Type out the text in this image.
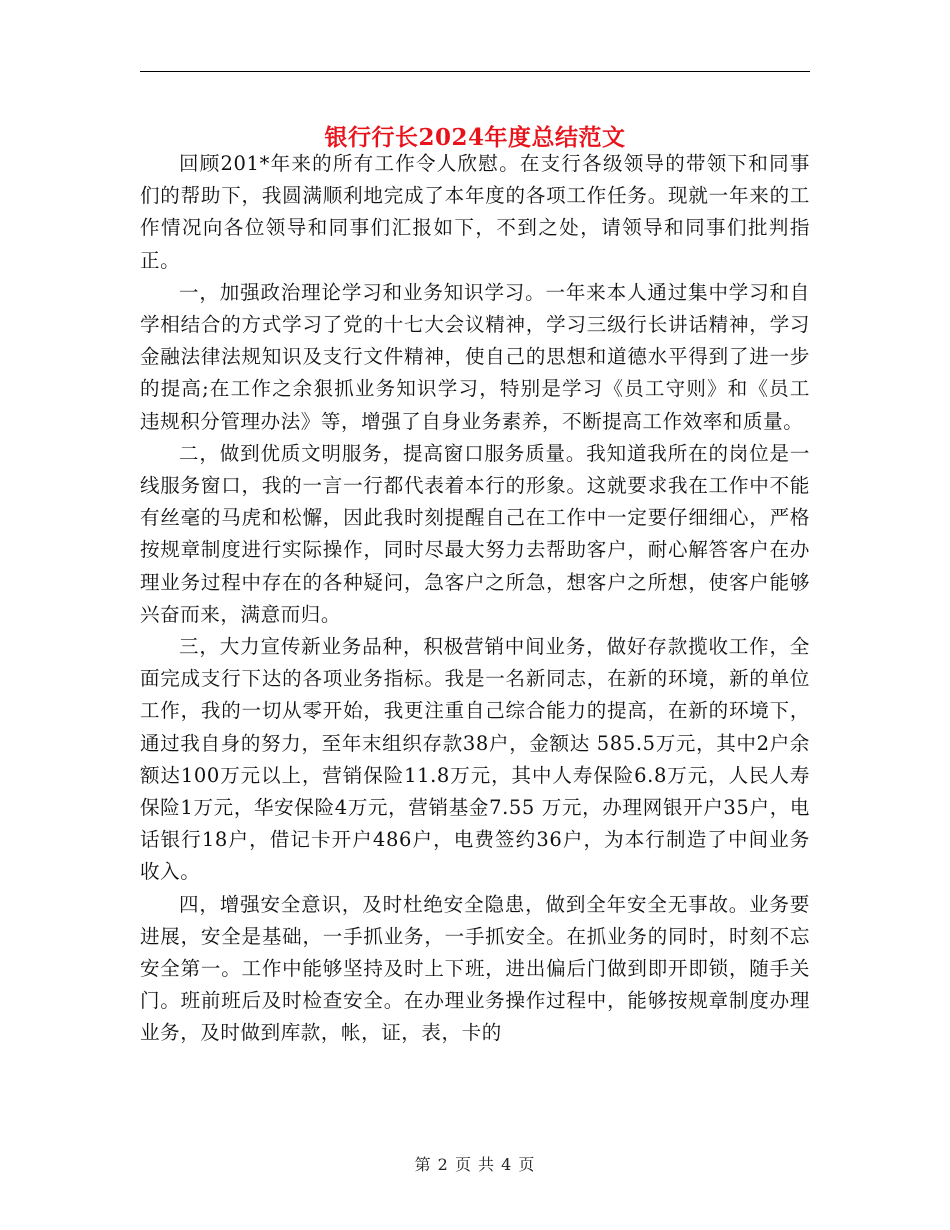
银行行长2024年度总结范文

回顾201*年来的所有工作令人欣慰。在支行各级领导的带领下和同事们的帮助下，我圆满顺利地完成了本年度的各项工作任务。现就一年来的工作情况向各位领导和同事们汇报如下，不到之处，请领导和同事们批判指正。

一，加强政治理论学习和业务知识学习。一年来本人通过集中学习和自学相结合的方式学习了党的十七大会议精神，学习三级行长讲话精神，学习金融法律法规知识及支行文件精神，使自己的思想和道德水平得到了进一步的提高;在工作之余狠抓业务知识学习，特别是学习《员工守则》和《员工违规积分管理办法》等，增强了自身业务素养，不断提高工作效率和质量。

二，做到优质文明服务，提高窗口服务质量。我知道我所在的岗位是一线服务窗口，我的一言一行都代表着本行的形象。这就要求我在工作中不能有丝毫的马虎和松懈，因此我时刻提醒自己在工作中一定要仔细细心，严格按规章制度进行实际操作，同时尽最大努力去帮助客户，耐心解答客户在办理业务过程中存在的各种疑问，急客户之所急，想客户之所想，使客户能够兴奋而来，满意而归。

三，大力宣传新业务品种，积极营销中间业务，做好存款揽收工作，全面完成支行下达的各项业务指标。我是一名新同志，在新的环境，新的单位工作，我的一切从零开始，我更注重自己综合能力的提高，在新的环境下，通过我自身的努力，至年末组织存款38户，金额达 585.5万元，其中2户余额达100万元以上，营销保险11.8万元，其中人寿保险6.8万元，人民人寿保险1万元，华安保险4万元，营销基金7.55 万元，办理网银开户35户，电话银行18户，借记卡开户486户，电费签约36户，为本行制造了中间业务收入。

四，增强安全意识，及时杜绝安全隐患，做到全年安全无事故。业务要进展，安全是基础，一手抓业务，一手抓安全。在抓业务的同时，时刻不忘安全第一。工作中能够坚持及时上下班，进出偏后门做到即开即锁，随手关门。班前班后及时检查安全。在办理业务操作过程中，能够按规章制度办理业务，及时做到库款，帐，证，表，卡的

第 2 页 共 4 页
